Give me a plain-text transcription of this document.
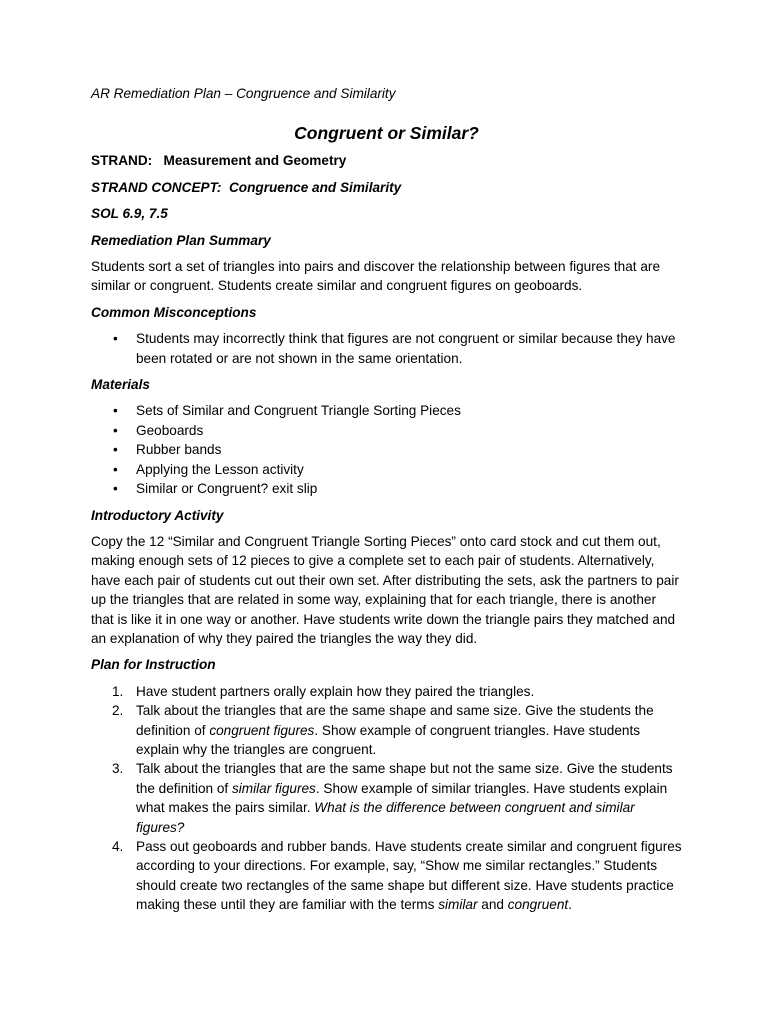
AR Remediation Plan – Congruence and Similarity
Congruent or Similar?
STRAND: Measurement and Geometry
STRAND CONCEPT: Congruence and Similarity
SOL 6.9, 7.5
Remediation Plan Summary
Students sort a set of triangles into pairs and discover the relationship between figures that are similar or congruent. Students create similar and congruent figures on geoboards.
Common Misconceptions
• Students may incorrectly think that figures are not congruent or similar because they have been rotated or are not shown in the same orientation.
Materials
• Sets of Similar and Congruent Triangle Sorting Pieces
• Geoboards
• Rubber bands
• Applying the Lesson activity
• Similar or Congruent? exit slip
Introductory Activity
Copy the 12 “Similar and Congruent Triangle Sorting Pieces” onto card stock and cut them out, making enough sets of 12 pieces to give a complete set to each pair of students. Alternatively, have each pair of students cut out their own set. After distributing the sets, ask the partners to pair up the triangles that are related in some way, explaining that for each triangle, there is another that is like it in one way or another. Have students write down the triangle pairs they matched and an explanation of why they paired the triangles the way they did.
Plan for Instruction
1. Have student partners orally explain how they paired the triangles.
2. Talk about the triangles that are the same shape and same size. Give the students the definition of congruent figures. Show example of congruent triangles. Have students explain why the triangles are congruent.
3. Talk about the triangles that are the same shape but not the same size. Give the students the definition of similar figures. Show example of similar triangles. Have students explain what makes the pairs similar. What is the difference between congruent and similar figures?
4. Pass out geoboards and rubber bands. Have students create similar and congruent figures according to your directions. For example, say, “Show me similar rectangles.” Students should create two rectangles of the same shape but different size. Have students practice making these until they are familiar with the terms similar and congruent.
